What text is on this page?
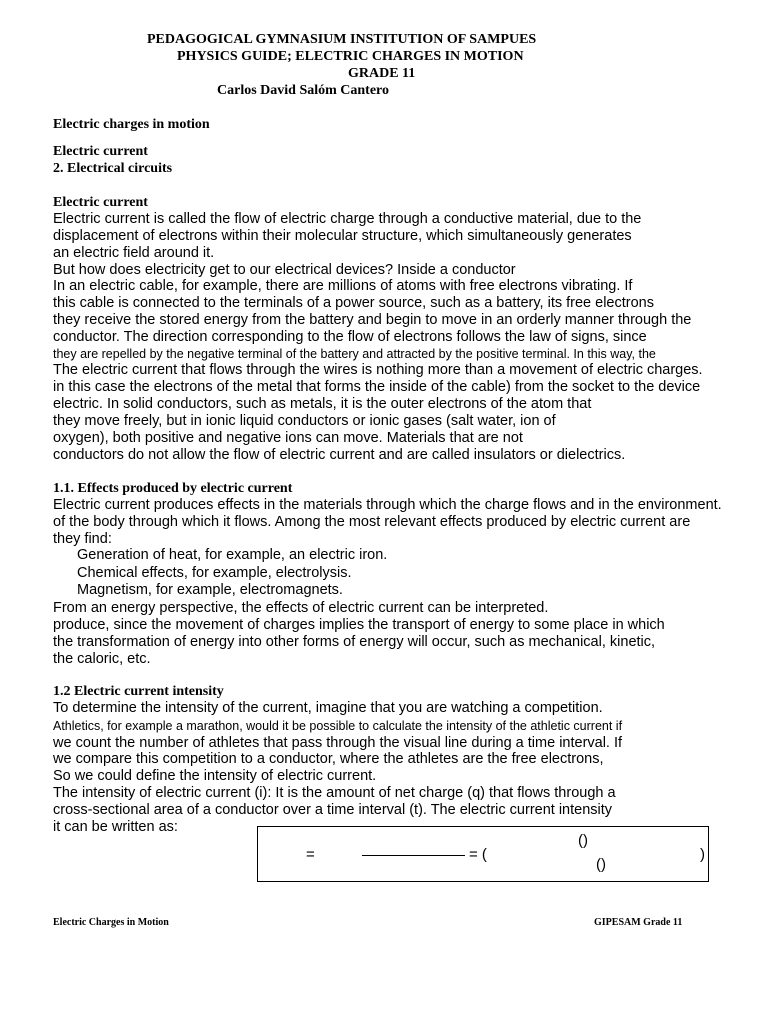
PEDAGOGICAL GYMNASIUM INSTITUTION OF SAMPUES
PHYSICS GUIDE; ELECTRIC CHARGES IN MOTION
GRADE 11
Carlos David Salóm Cantero
Electric charges in motion
Electric current
2. Electrical circuits
Electric current
Electric current is called the flow of electric charge through a conductive material, due to the
displacement of electrons within their molecular structure, which simultaneously generates
an electric field around it.
But how does electricity get to our electrical devices? Inside a conductor
In an electric cable, for example, there are millions of atoms with free electrons vibrating. If
this cable is connected to the terminals of a power source, such as a battery, its free electrons
they receive the stored energy from the battery and begin to move in an orderly manner through the
conductor. The direction corresponding to the flow of electrons follows the law of signs, since
they are repelled by the negative terminal of the battery and attracted by the positive terminal. In this way, the
The electric current that flows through the wires is nothing more than a movement of electric charges.
in this case the electrons of the metal that forms the inside of the cable) from the socket to the device
electric. In solid conductors, such as metals, it is the outer electrons of the atom that
they move freely, but in ionic liquid conductors or ionic gases (salt water, ion of
oxygen), both positive and negative ions can move. Materials that are not
conductors do not allow the flow of electric current and are called insulators or dielectrics.
1.1. Effects produced by electric current
Electric current produces effects in the materials through which the charge flows and in the environment.
of the body through which it flows. Among the most relevant effects produced by electric current are
they find:
Generation of heat, for example, an electric iron.
Chemical effects, for example, electrolysis.
Magnetism, for example, electromagnets.
From an energy perspective, the effects of electric current can be interpreted.
produce, since the movement of charges implies the transport of energy to some place in which
the transformation of energy into other forms of energy will occur, such as mechanical, kinetic,
the caloric, etc.
1.2 Electric current intensity
To determine the intensity of the current, imagine that you are watching a competition.
Athletics, for example a marathon, would it be possible to calculate the intensity of the athletic current if
we count the number of athletes that pass through the visual line during a time interval. If
we compare this competition to a conductor, where the athletes are the free electrons,
So we could define the intensity of electric current.
The intensity of electric current (i): It is the amount of net charge (q) that flows through a
cross-sectional area of a conductor over a time interval (t). The electric current intensity
it can be written as:
=	= (
()
()
)
Electric Charges in Motion	GIPESAM Grade 11
